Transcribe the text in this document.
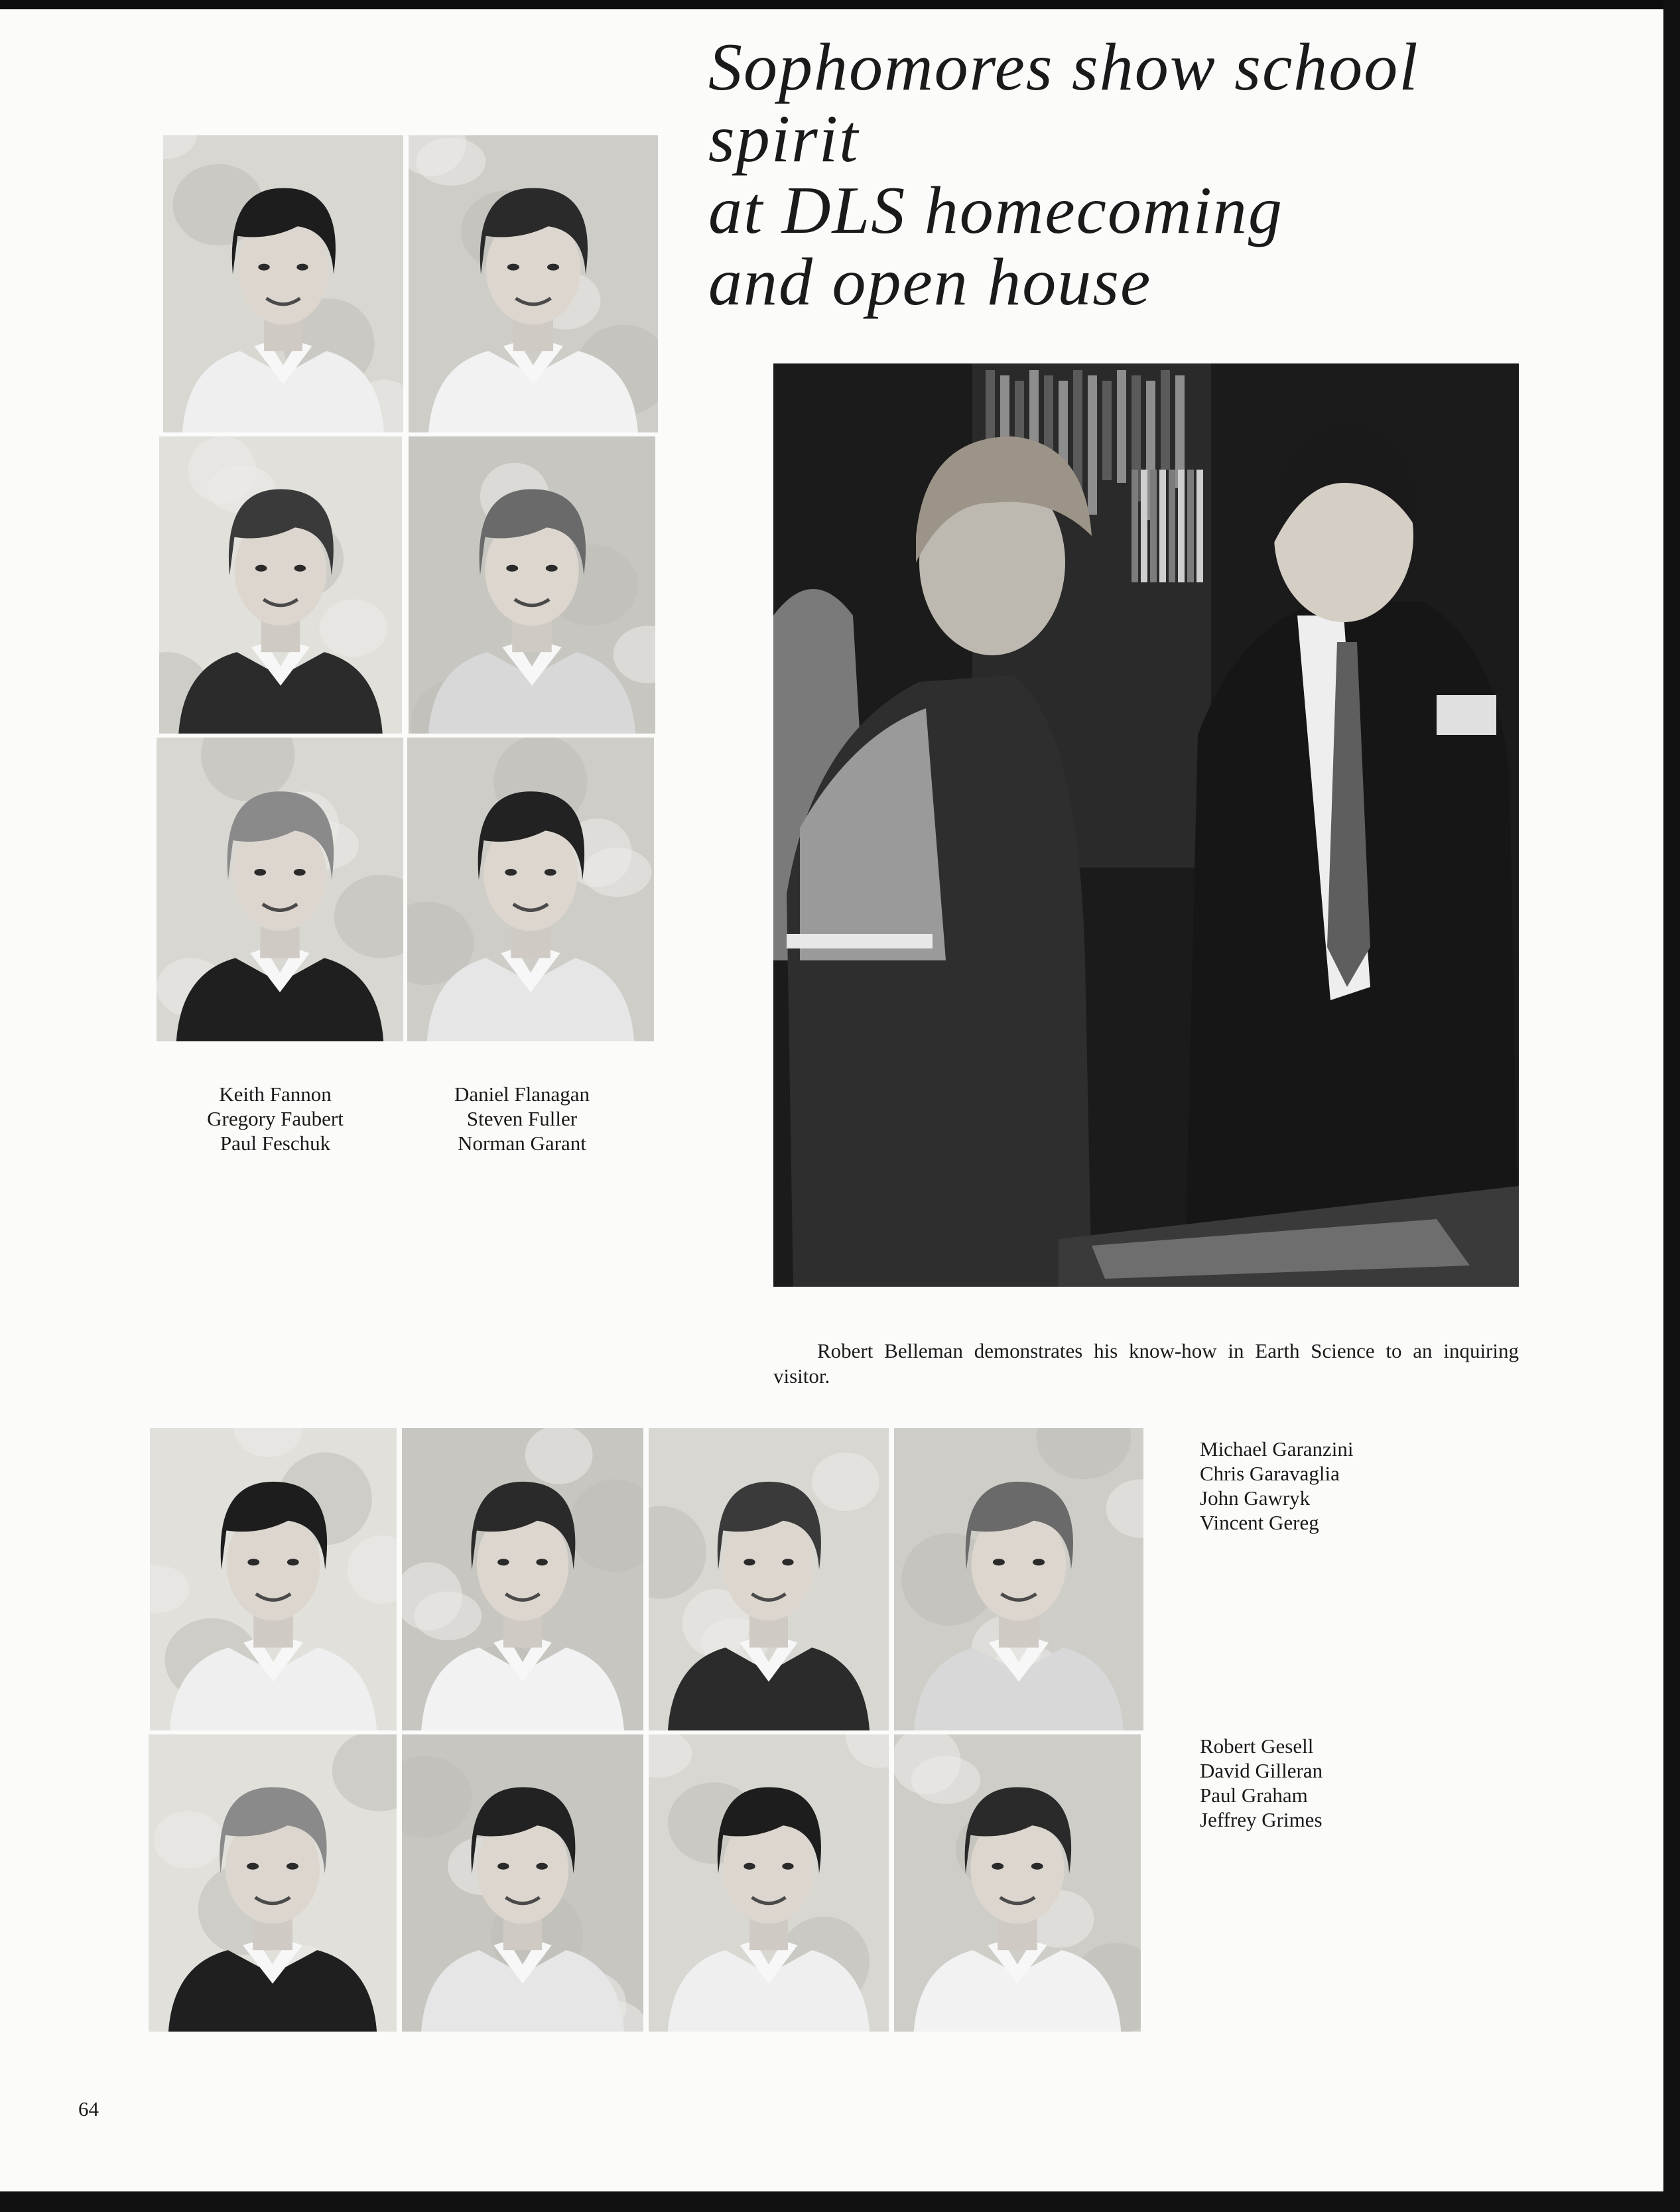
Sophomores show school
spirit
at DLS homecoming
and open house
Keith Fannon
Gregory Faubert
Paul Feschuk
Daniel Flanagan
Steven Fuller
Norman Garant

Robert Belleman demonstrates his know-how in Earth Science to an inquiring visitor.

Michael Garanzini
Chris Garavaglia
John Gawryk
Vincent Gereg
Robert Gesell
David Gilleran
Paul Graham
Jeffrey Grimes
64
